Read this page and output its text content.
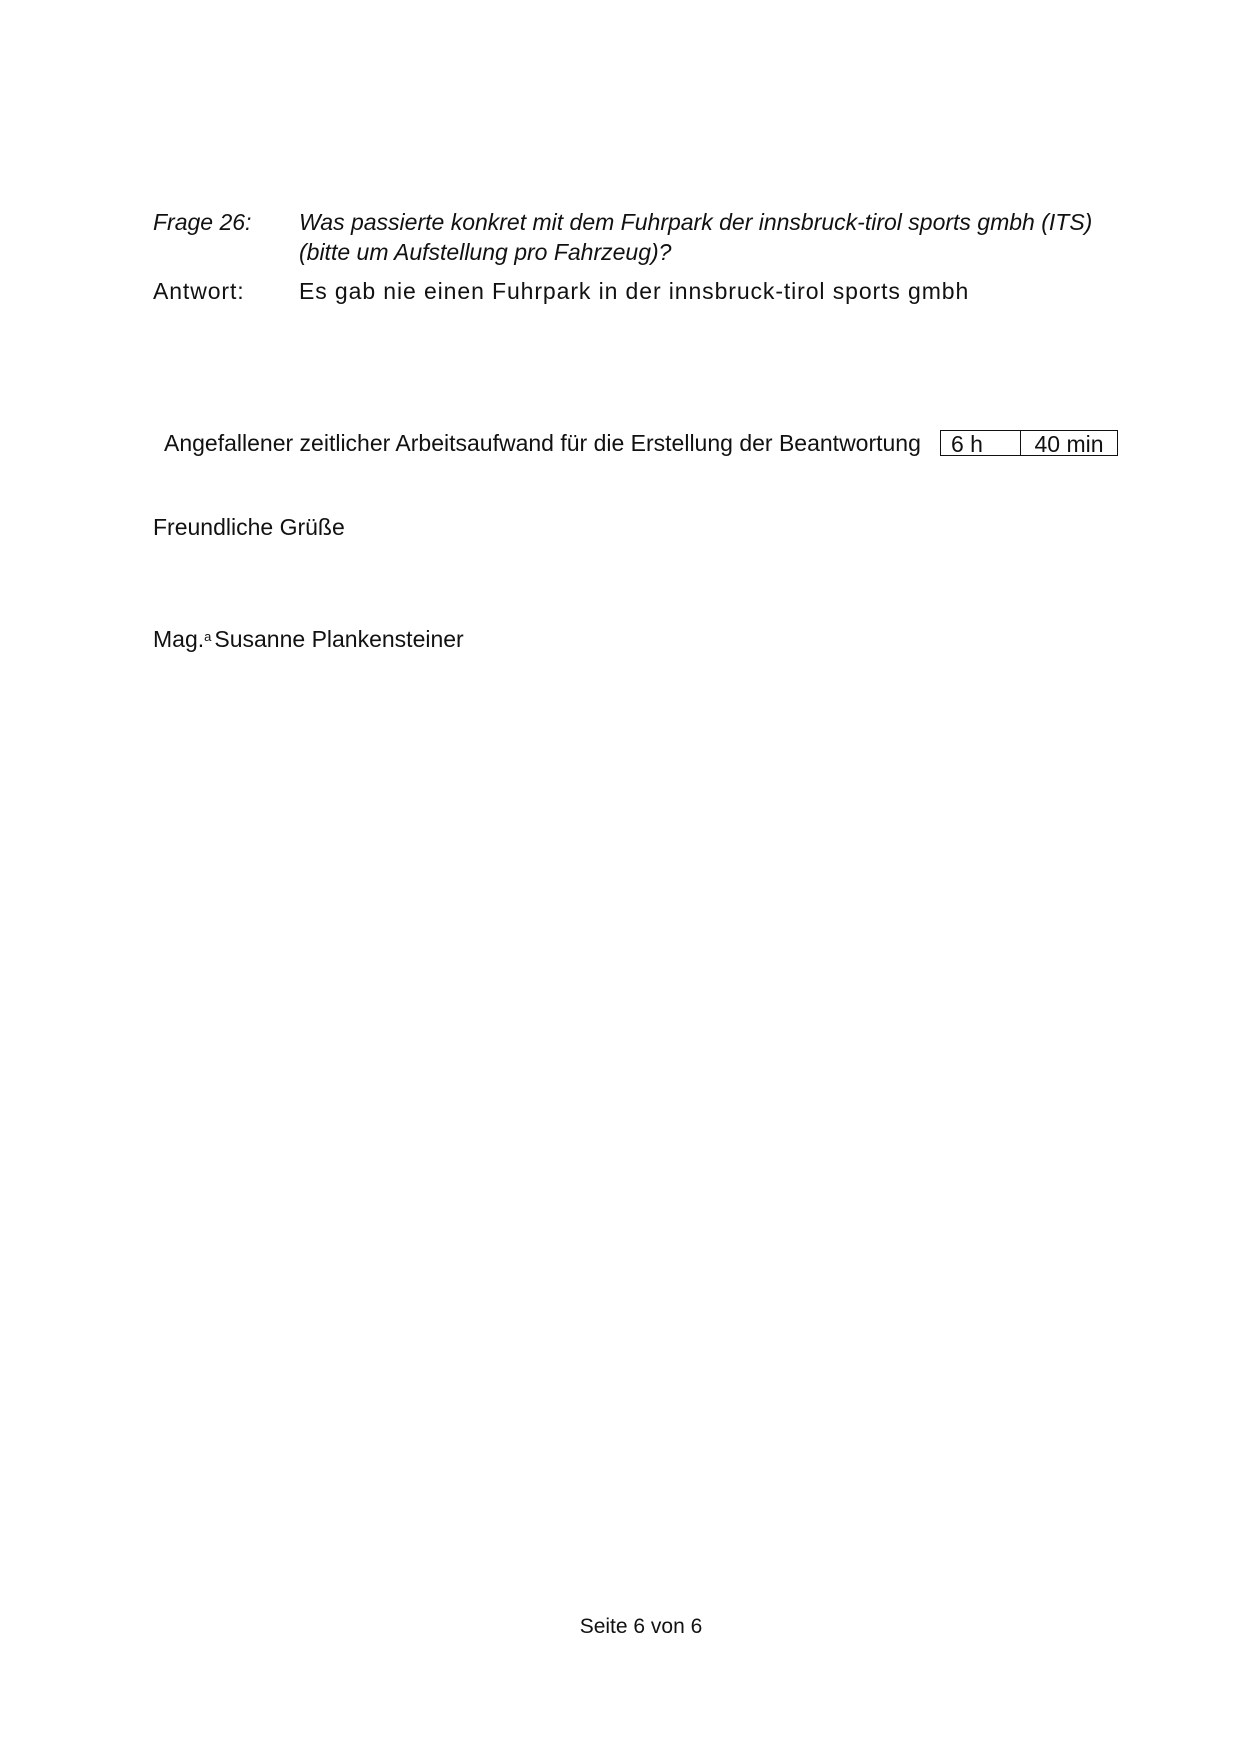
Frage 26: Was passierte konkret mit dem Fuhrpark der innsbruck-tirol sports gmbh (ITS)
(bitte um Aufstellung pro Fahrzeug)?
Antwort: Es gab nie einen Fuhrpark in der innsbruck-tirol sports gmbh
Angefallener zeitlicher Arbeitsaufwand für die Erstellung der Beantwortung	6 h	40 min
Freundliche Grüße
Mag.$^a$ Susanne Plankensteiner
Seite 6 von 6
